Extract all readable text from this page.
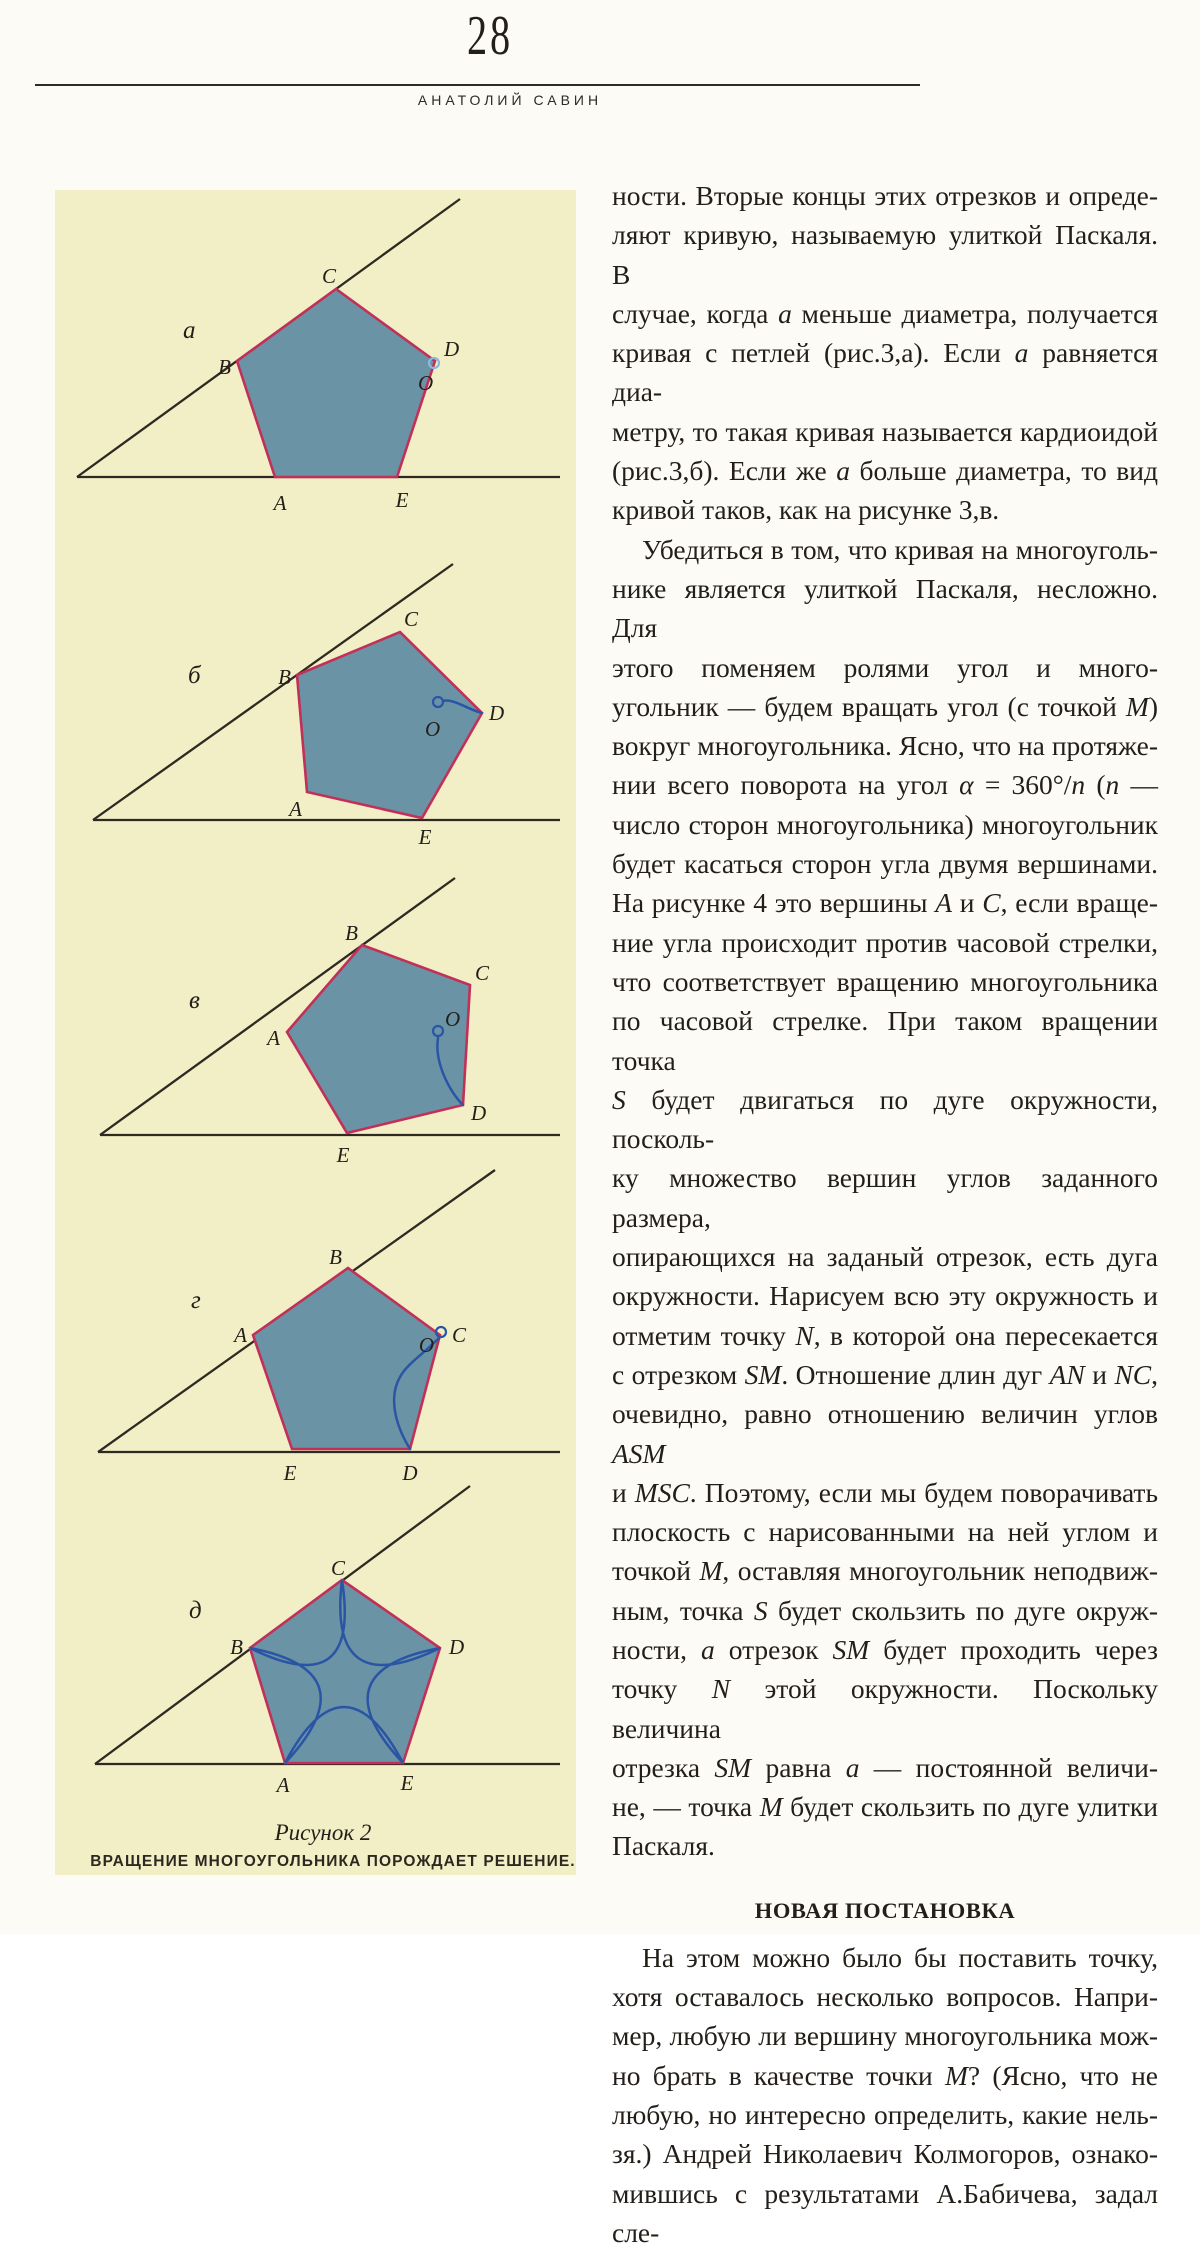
28
АНАТОЛИЙ САВИН
а
B
C
D
O
A	E
б	B
C
D
O
A
E
в
B
A
O
C
D
E
г
B
A	O C
E	D
д
C
B	D
A	E
Рисунок 2
ВРАЩЕНИЕ МНОГОУГОЛЬНИКА ПОРОЖДАЕТ РЕШЕНИЕ.
ности. Вторые концы этих отрезков и опреде-
ляют кривую, называемую улиткой Паскаля. В
случае, когда а меньше диаметра, получается
кривая с петлей (рис.3,а). Если а равняется диа-
метру, то такая кривая называется кардиоидой
(рис.3,б). Если же а больше диаметра, то вид
кривой таков, как на рисунке 3,в.
Убедиться в том, что кривая на многоуголь-
нике является улиткой Паскаля, несложно. Для
этого поменяем ролями угол и много-
угольник — будем вращать угол (с точкой M)
вокруг многоугольника. Ясно, что на протяже-
нии всего поворота на угол α = 360°/n (n —
число сторон многоугольника) многоугольник
будет касаться сторон угла двумя вершинами.
На рисунке 4 это вершины A и C, если враще-
ние угла происходит против часовой стрелки,
что соответствует вращению многоугольника
по часовой стрелке. При таком вращении точка
S будет двигаться по дуге окружности, посколь-
ку множество вершин углов заданного размера,
опирающихся на заданый отрезок, есть дуга
окружности. Нарисуем всю эту окружность и
отметим точку N, в которой она пересекается
с отрезком SM. Отношение длин дуг AN и NC,
очевидно, равно отношению величин углов ASM
и MSC. Поэтому, если мы будем поворачивать
плоскость с нарисованными на ней углом и
точкой M, оставляя многоугольник неподвиж-
ным, точка S будет скользить по дуге окруж-
ности, а отрезок SM будет проходить через
точку N этой окружности. Поскольку величина
отрезка SM равна а — постоянной величи-
не, — точка M будет скользить по дуге улитки
Паскаля.
НОВАЯ ПОСТАНОВКА
На этом можно было бы поставить точку,
хотя оставалось несколько вопросов. Напри-
мер, любую ли вершину многоугольника мож-
но брать в качестве точки M? (Ясно, что не
любую, но интересно определить, какие нель-
зя.) Андрей Николаевич Колмогоров, ознако-
мившись с результатами А.Бабичева, задал сле-
